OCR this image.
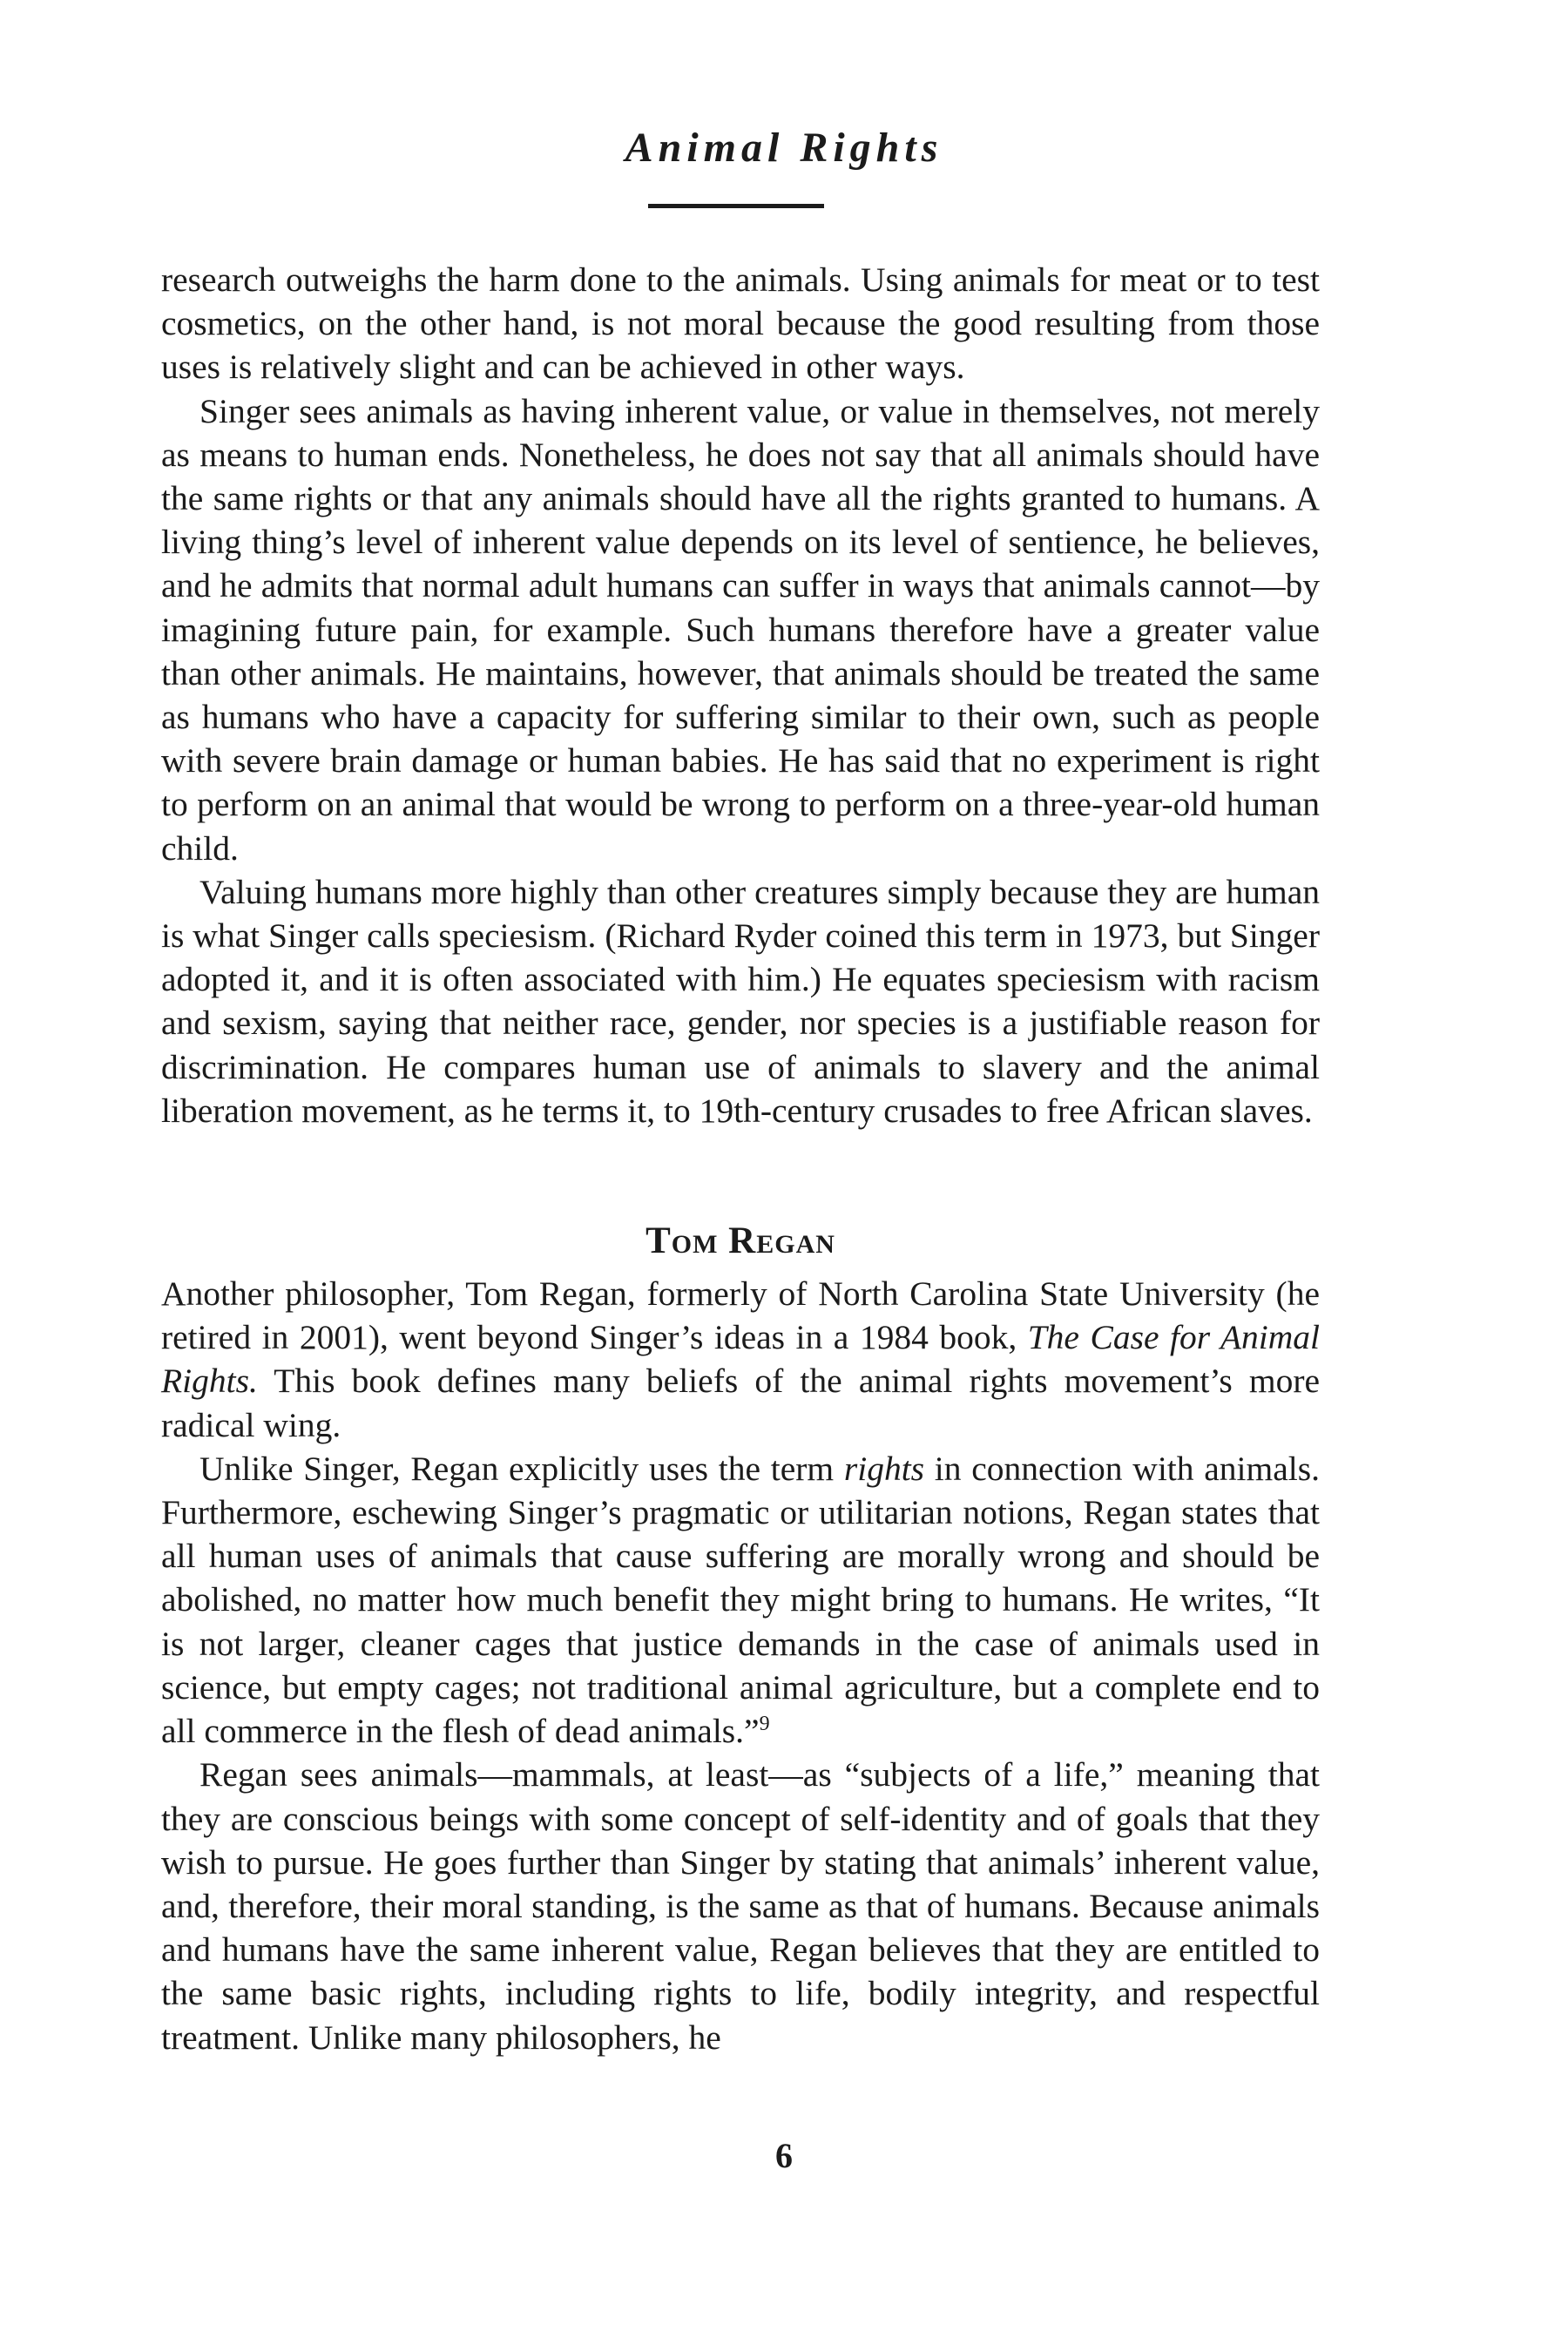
Animal Rights

research outweighs the harm done to the animals. Using animals for meat or to test cosmetics, on the other hand, is not moral because the good resulting from those uses is relatively slight and can be achieved in other ways.

Singer sees animals as having inherent value, or value in themselves, not merely as means to human ends. Nonetheless, he does not say that all animals should have the same rights or that any animals should have all the rights granted to humans. A living thing’s level of inherent value depends on its level of sentience, he believes, and he admits that normal adult humans can suffer in ways that animals cannot—by imagining future pain, for example. Such humans therefore have a greater value than other animals. He maintains, however, that animals should be treated the same as humans who have a capacity for suffering similar to their own, such as people with severe brain damage or human babies. He has said that no experiment is right to perform on an animal that would be wrong to perform on a three-year-old human child.

Valuing humans more highly than other creatures simply because they are human is what Singer calls speciesism. (Richard Ryder coined this term in 1973, but Singer adopted it, and it is often associated with him.) He equates speciesism with racism and sexism, saying that neither race, gender, nor species is a justifiable reason for discrimination. He compares human use of animals to slavery and the animal liberation movement, as he terms it, to 19th-century crusades to free African slaves.

Tom Regan

Another philosopher, Tom Regan, formerly of North Carolina State University (he retired in 2001), went beyond Singer’s ideas in a 1984 book, The Case for Animal Rights. This book defines many beliefs of the animal rights movement’s more radical wing.

Unlike Singer, Regan explicitly uses the term rights in connection with animals. Furthermore, eschewing Singer’s pragmatic or utilitarian notions, Regan states that all human uses of animals that cause suffering are morally wrong and should be abolished, no matter how much benefit they might bring to humans. He writes, “It is not larger, cleaner cages that justice demands in the case of animals used in science, but empty cages; not traditional animal agriculture, but a complete end to all commerce in the flesh of dead animals.”$^9$

Regan sees animals—mammals, at least—as “subjects of a life,” meaning that they are conscious beings with some concept of self-identity and of goals that they wish to pursue. He goes further than Singer by stating that animals’ inherent value, and, therefore, their moral standing, is the same as that of humans. Because animals and humans have the same inherent value, Regan believes that they are entitled to the same basic rights, including rights to life, bodily integrity, and respectful treatment. Unlike many philosophers, he

6
